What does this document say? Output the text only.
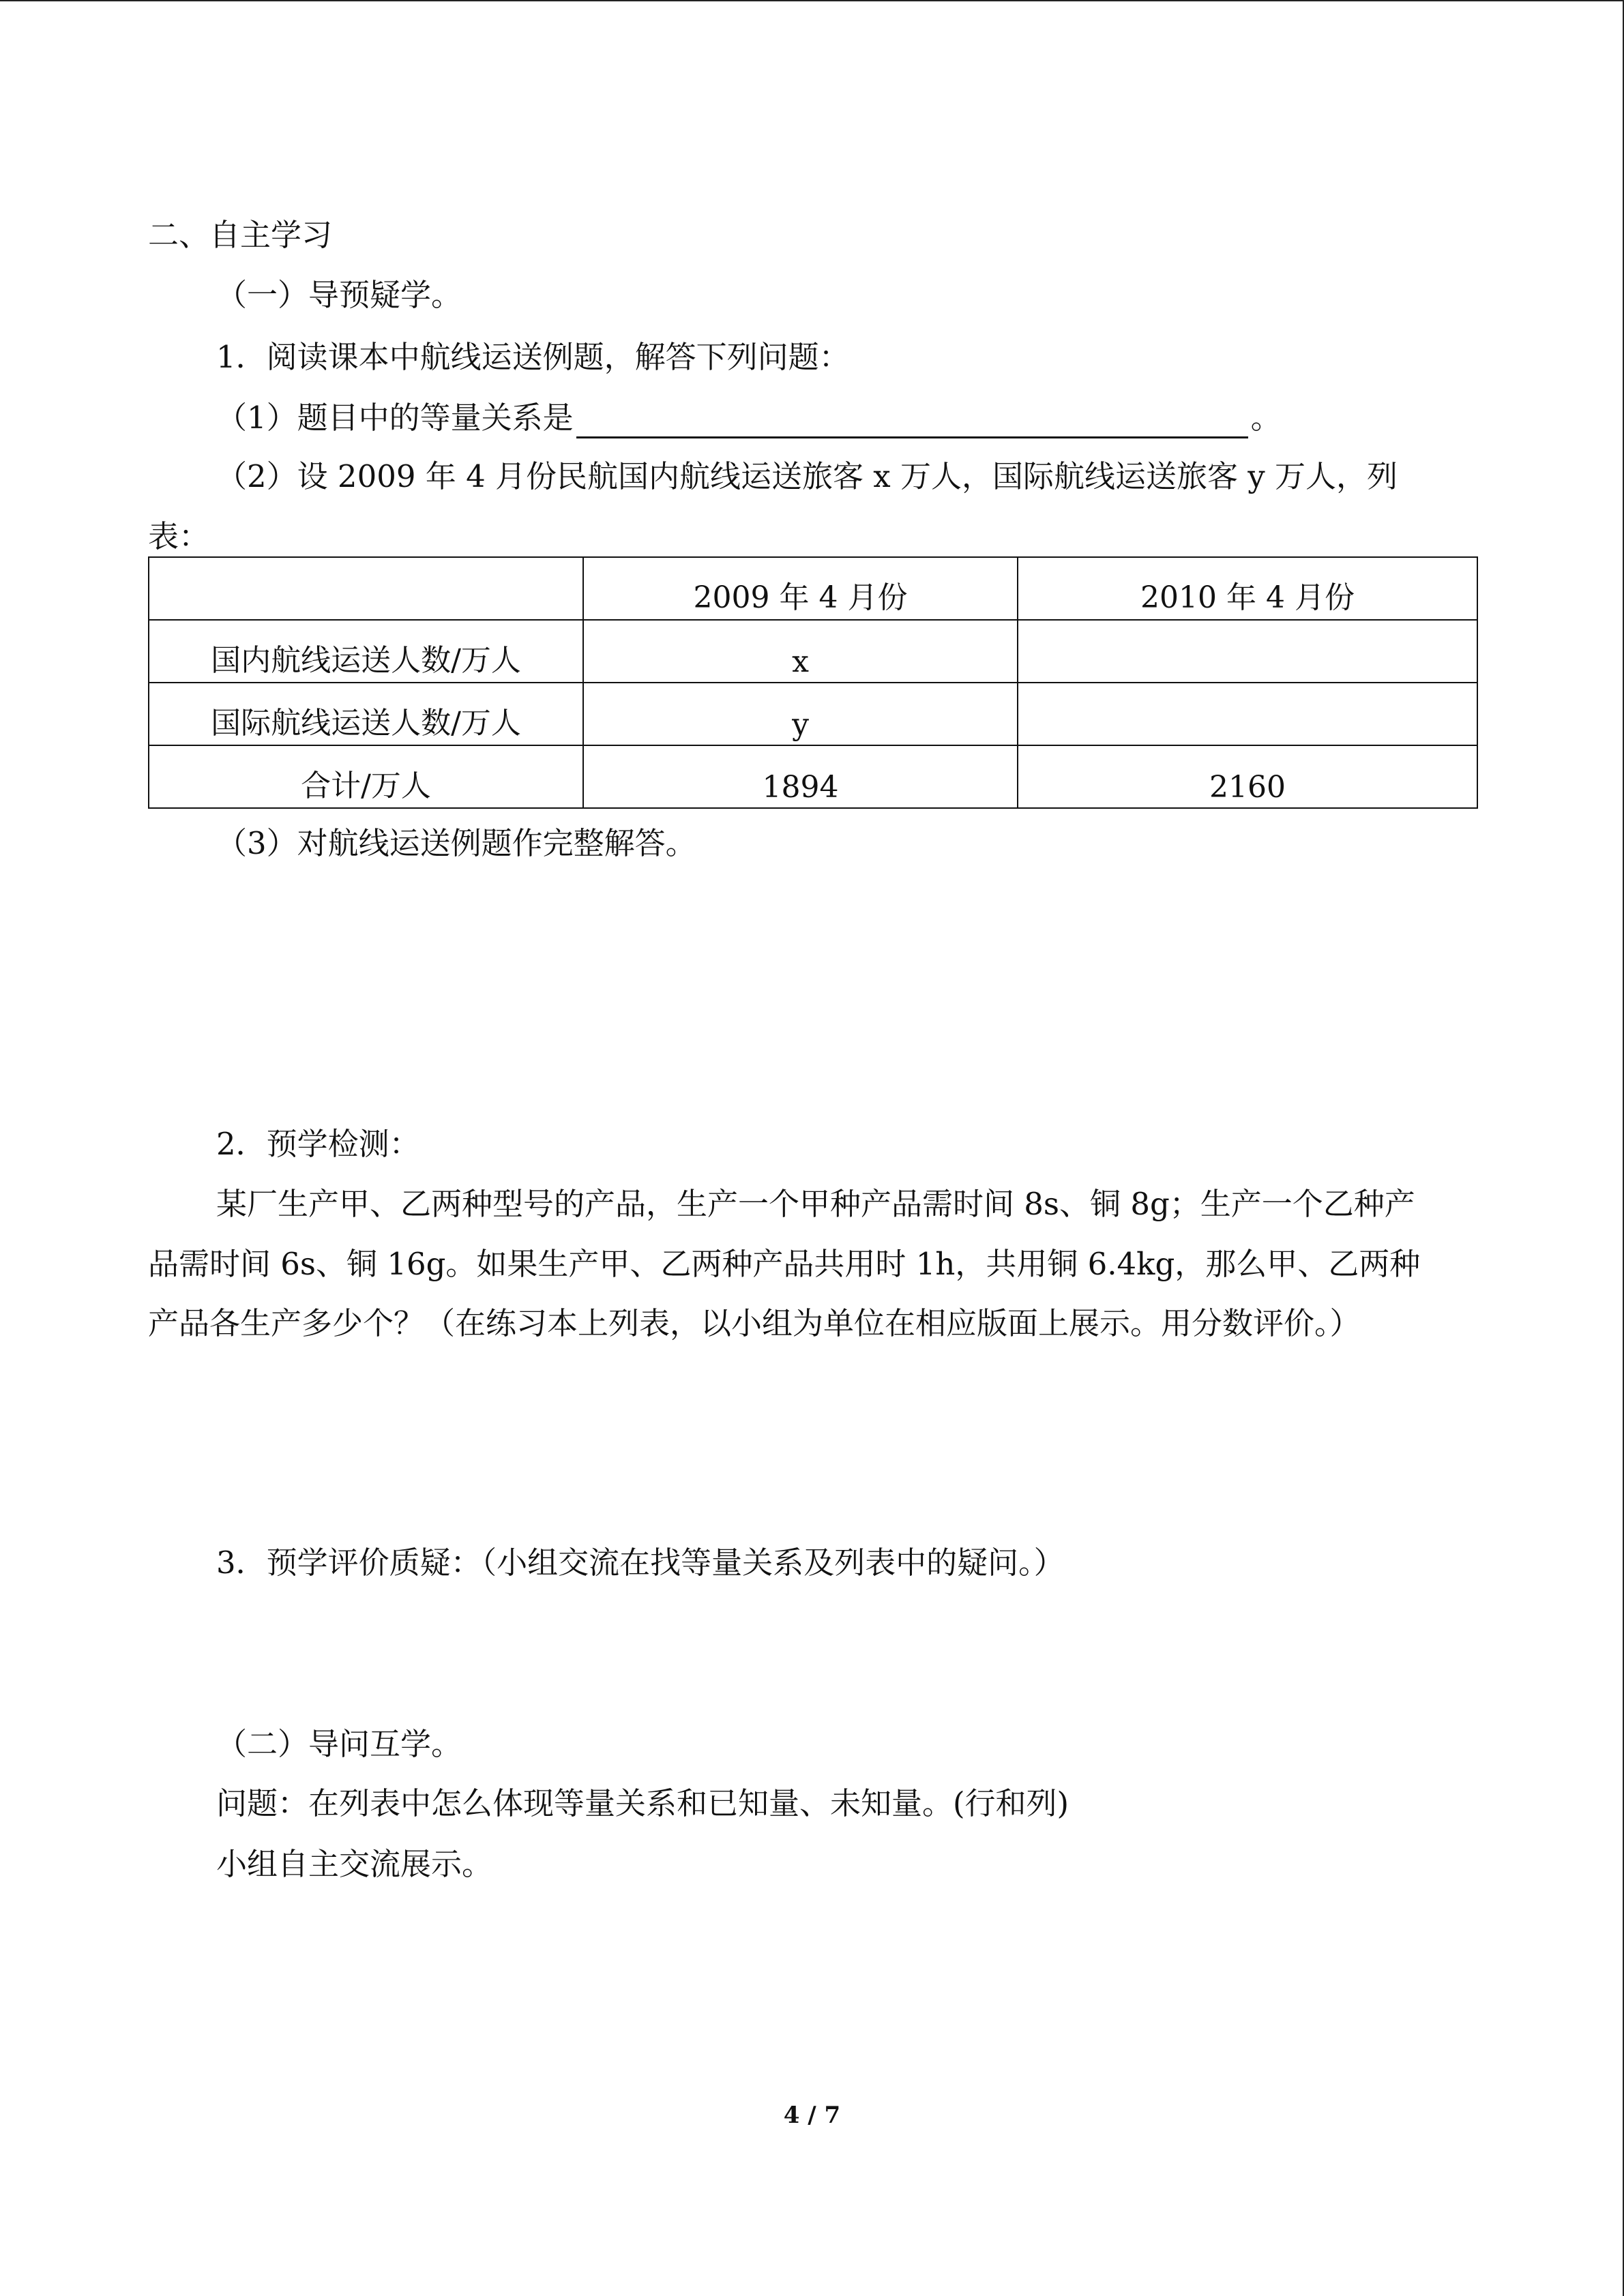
二、自主学习
（一）导预疑学。
1．阅读课本中航线运送例题，解答下列问题：
（1）题目中的等量关系是	。
（2）设 2009 年 4 月份民航国内航线运送旅客 x 万人，国际航线运送旅客 y 万人，列
表：
	2009 年 4 月份	2010 年 4 月份
国内航线运送人数/万人	x	
国际航线运送人数/万人	y	
合计/万人	1894	2160
（3）对航线运送例题作完整解答。
2．预学检测：
某厂生产甲、乙两种型号的产品，生产一个甲种产品需时间 8s、铜 8g；生产一个乙种产
品需时间 6s、铜 16g。如果生产甲、乙两种产品共用时 1h，共用铜 6.4kg，那么甲、乙两种
产品各生产多少个？（在练习本上列表，以小组为单位在相应版面上展示。用分数评价。）
3．预学评价质疑：（小组交流在找等量关系及列表中的疑问。）
（二）导问互学。
问题：在列表中怎么体现等量关系和已知量、未知量。(行和列)
小组自主交流展示。
4 / 7
